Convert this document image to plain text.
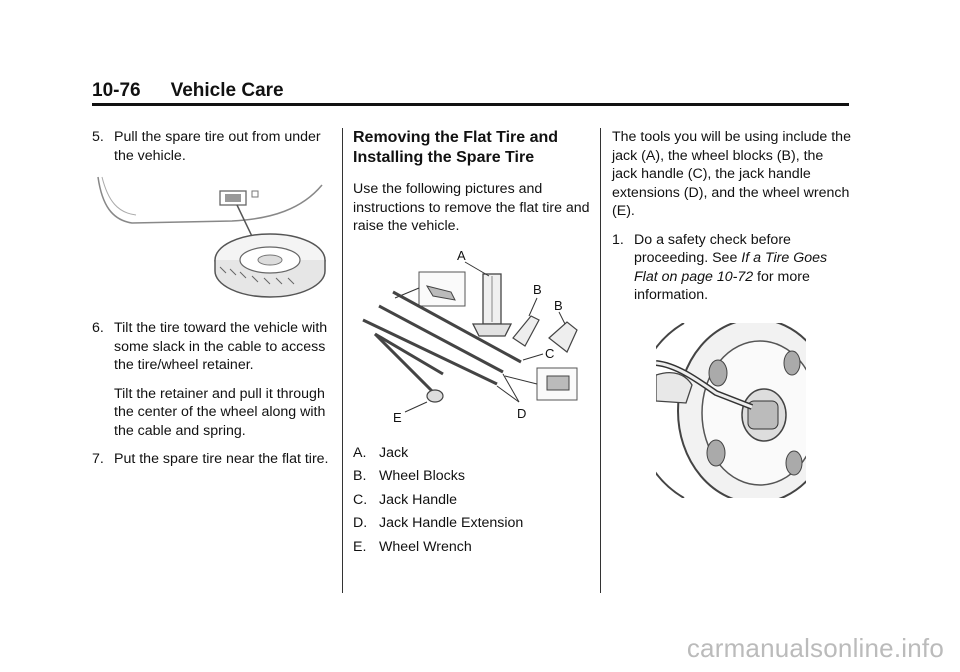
10-76 Vehicle Care
5. Pull the spare tire out from under the vehicle.
6. Tilt the tire toward the vehicle with some slack in the cable to access the tire/wheel retainer.
Tilt the retainer and pull it through the center of the wheel along with the cable and spring.
7. Put the spare tire near the flat tire.
Removing the Flat Tire and Installing the Spare Tire

Use the following pictures and instructions to remove the flat tire and raise the vehicle.

A
B
B
C
D
E
A. Jack
B. Wheel Blocks
C. Jack Handle
D. Jack Handle Extension
E. Wheel Wrench

The tools you will be using include the jack (A), the wheel blocks (B), the jack handle (C), the jack handle extensions (D), and the wheel wrench (E).

1. Do a safety check before proceeding. See If a Tire Goes Flat on page 10-72 for more information.
carmanualsonline.info
